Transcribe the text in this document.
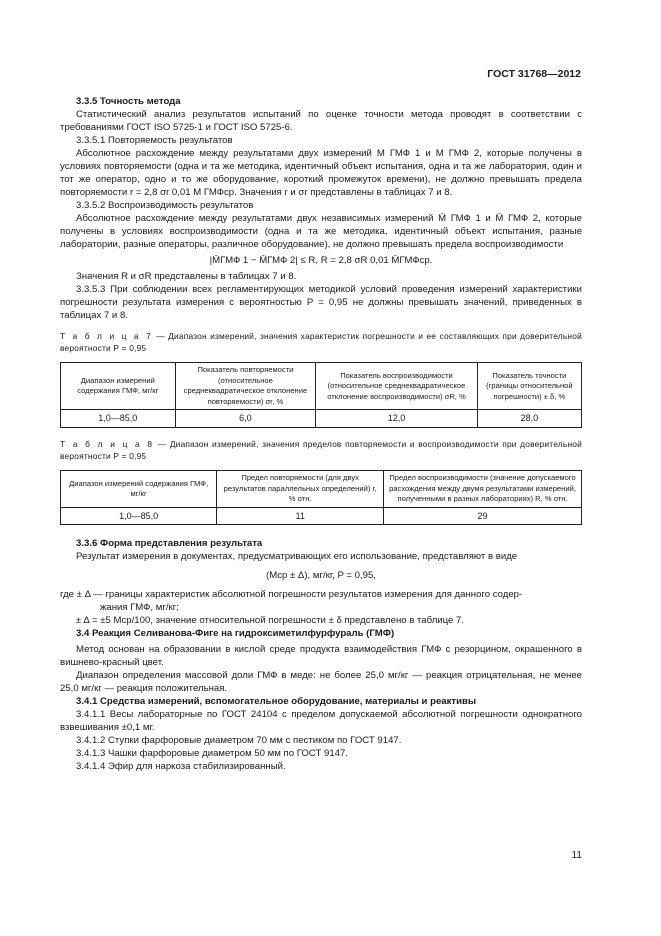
ГОСТ 31768—2012

3.3.5 Точность метода

Статистический анализ результатов испытаний по оценке точности метода проводят в соответствии с требованиями ГОСТ ISO 5725-1 и ГОСТ ISO 5725-6.

3.3.5.1 Повторяемость результатов

Абсолютное расхождение между результатами двух измерений M ГМФ 1 и M ГМФ 2, которые получены в условиях повторяемости (одна и та же методика, идентичный объект испытания, одна и та же лаборатория, один и тот же оператор, одно и то же оборудование, короткий промежуток времени), не должно превышать предела повторяемости r = 2,8 σr 0,01 M ГМФср. Значения r и σr представлены в таблицах 7 и 8.

3.3.5.2 Воспроизводимость результатов

Абсолютное расхождение между результатами двух независимых измерений M̄ ГМФ 1 и M̄ ГМФ 2, которые получены в условиях воспроизводимости (одна и та же методика, идентичный объект испытания, разные лаборатории, разные операторы, различное оборудование), не должно превышать предела воспроизводимости

|M̄ГМФ 1 − M̄ГМФ 2| ≤ R, R = 2,8 σR 0,01 M̄ГМФср.

Значения R и σR представлены в таблицах 7 и 8.

3.3.5.3 При соблюдении всех регламентирующих методикой условий проведения измерений характеристики погрешности результата измерения с вероятностью P = 0,95 не должны превышать значений, приведенных в таблицах 7 и 8.

Т а б л и ц а 7 — Диапазон измерений, значения характеристик погрешности и ее составляющих при доверительной вероятности P = 0,95

Диапазон измерений содержания ГМФ, мг/кг	Показатель повторяемости (относительное среднеквадратическое отклонение повторяемости) σr, %	Показатель воспроизводимости (относительное среднеквадратическое отклонение воспроизводимости) σR, %	Показатель точности (границы относительной погрешности) ± δ, %
1,0—85,0	6,0	12,0	28,0

Т а б л и ц а 8 — Диапазон измерений, значения пределов повторяемости и воспроизводимости при доверительной вероятности P = 0,95

Диапазон измерений содержания ГМФ, мг/кг	Предел повторяемости (для двух результатов параллельных определений) r, % отн.	Предел воспроизводимости (значение допускаемого расхождения между двумя результатами измерений, полученными в разных лабораториях) R, % отн.
1,0—85,0	11	29

3.3.6 Форма представления результата

Результат измерения в документах, предусматривающих его использование, представляют в виде

(Mср ± Δ), мг/кг, P = 0,95,

где ± Δ — границы характеристик абсолютной погрешности результатов измерения для данного содер-
жания ГМФ, мг/кг;
± Δ = ±5 Mср/100, значение относительной погрешности ± δ представлено в таблице 7.

3.4 Реакция Селиванова-Фиге на гидроксиметилфурфураль (ГМФ)

Метод основан на образовании в кислой среде продукта взаимодействия ГМФ с резорцином, окрашенного в вишнево-красный цвет.

Диапазон определения массовой доли ГМФ в меде: не более 25,0 мг/кг — реакция отрицательная, не менее 25,0 мг/кг — реакция положительная.

3.4.1 Средства измерений, вспомогательное оборудование, материалы и реактивы

3.4.1.1 Весы лабораторные по ГОСТ 24104 с пределом допускаемой абсолютной погрешности однократного взвешивания ±0,1 мг.

3.4.1.2 Ступки фарфоровые диаметром 70 мм с пестиком по ГОСТ 9147.

3.4.1.3 Чашки фарфоровые диаметром 50 мм по ГОСТ 9147.

3.4.1.4 Эфир для наркоза стабилизированный.

11
